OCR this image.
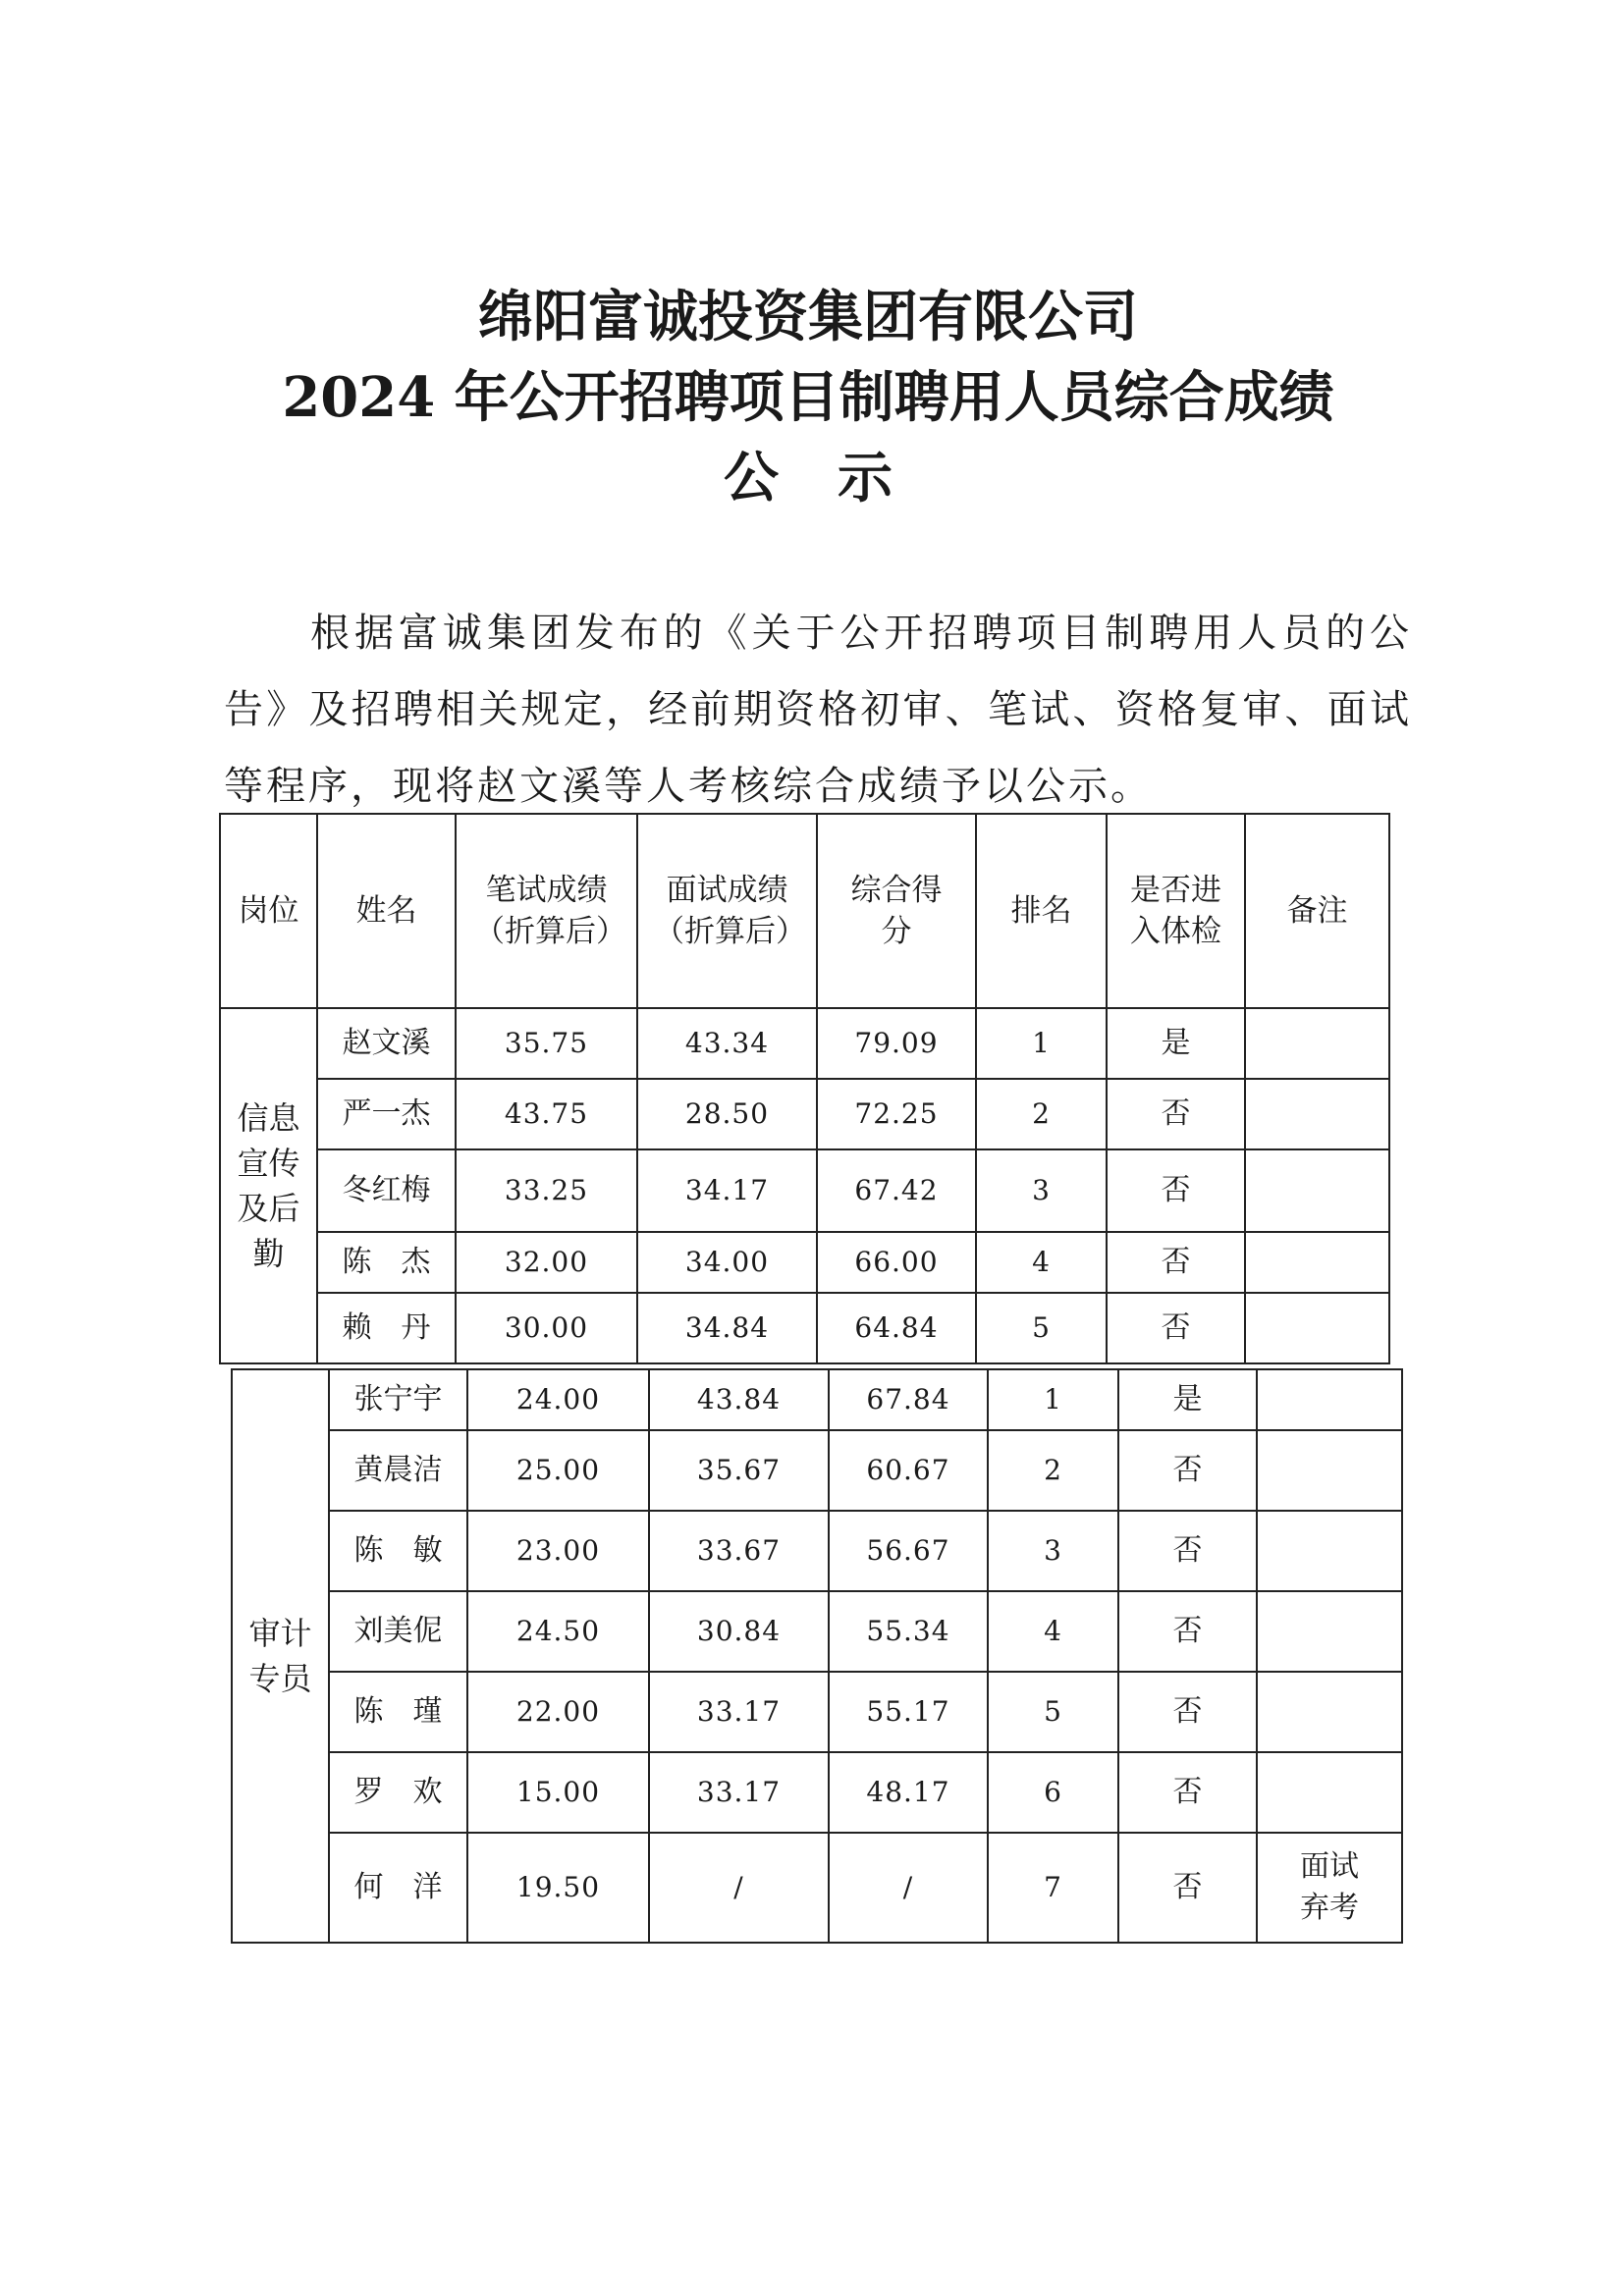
绵阳富诚投资集团有限公司

2024 年公开招聘项目制聘用人员综合成绩

公示

根据富诚集团发布的《关于公开招聘项目制聘用人员的公告》及招聘相关规定，经前期资格初审、笔试、资格复审、面试等程序，现将赵文溪等人考核综合成绩予以公示。

岗位	姓名	笔试成绩（折算后）	面试成绩（折算后）	综合得分	排名	是否进入体检	备注
信息宣传及后勤	赵文溪	35.75	43.34	79.09	1	是	
	严一杰	43.75	28.50	72.25	2	否	
	冬红梅	33.25	34.17	67.42	3	否	
	陈　杰	32.00	34.00	66.00	4	否	
	赖　丹	30.00	34.84	64.84	5	否	
审计专员	张宁宇	24.00	43.84	67.84	1	是	
	黄晨洁	25.00	35.67	60.67	2	否	
	陈　敏	23.00	33.67	56.67	3	否	
	刘美伲	24.50	30.84	55.34	4	否	
	陈　瑾	22.00	33.17	55.17	5	否	
	罗　欢	15.00	33.17	48.17	6	否	
	何　洋	19.50	/	/	7	否	面试弃考
